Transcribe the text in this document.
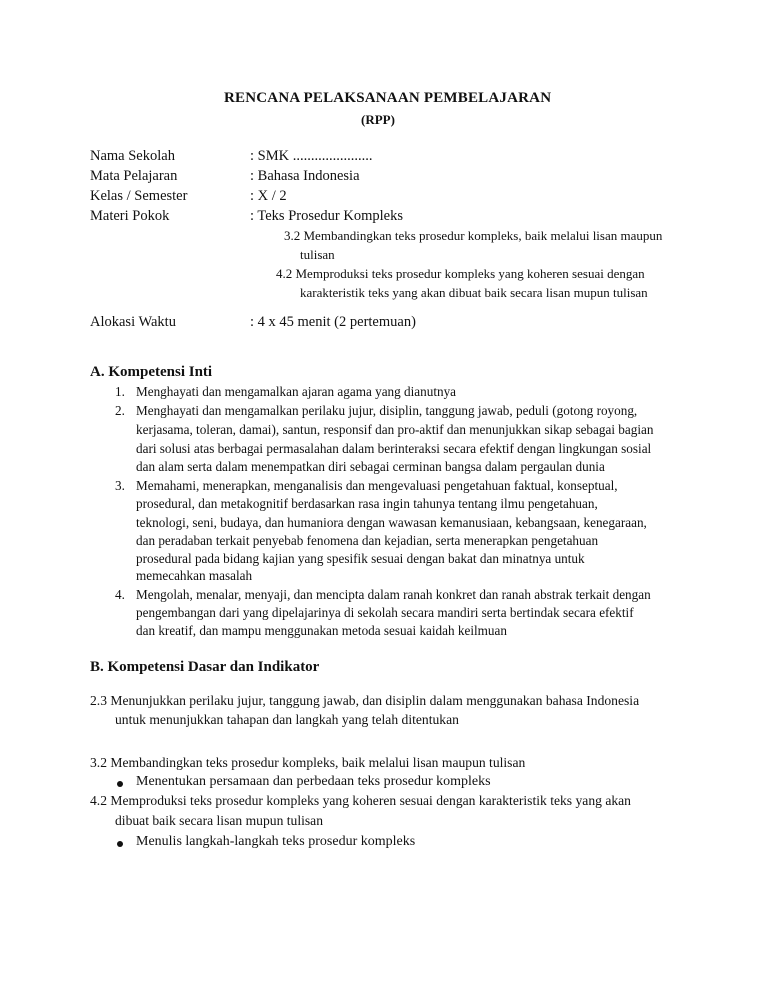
RENCANA PELAKSANAAN PEMBELAJARAN
(RPP)
Nama Sekolah	: SMK ......................
Mata Pelajaran	: Bahasa Indonesia
Kelas / Semester	: X / 2
Materi Pokok	: Teks Prosedur Kompleks
3.2 Membandingkan teks prosedur kompleks, baik melalui lisan maupun
tulisan
4.2 Memproduksi teks prosedur kompleks yang koheren sesuai dengan
karakteristik teks yang akan dibuat baik secara lisan mupun tulisan
Alokasi Waktu	: 4 x 45 menit (2 pertemuan)
A. Kompetensi Inti
1. Menghayati dan mengamalkan ajaran agama yang dianutnya
2. Menghayati dan mengamalkan perilaku jujur, disiplin, tanggung jawab, peduli (gotong royong,
kerjasama, toleran, damai), santun, responsif dan pro-aktif dan menunjukkan sikap sebagai bagian
dari solusi atas berbagai permasalahan dalam berinteraksi secara efektif dengan lingkungan sosial
dan alam serta dalam menempatkan diri sebagai cerminan bangsa dalam pergaulan dunia
3. Memahami, menerapkan, menganalisis dan mengevaluasi pengetahuan faktual, konseptual,
prosedural, dan metakognitif berdasarkan rasa ingin tahunya tentang ilmu pengetahuan,
teknologi, seni, budaya, dan humaniora dengan wawasan kemanusiaan, kebangsaan, kenegaraan,
dan peradaban terkait penyebab fenomena dan kejadian, serta menerapkan pengetahuan
prosedural pada bidang kajian yang spesifik sesuai dengan bakat dan minatnya untuk
memecahkan masalah
4. Mengolah, menalar, menyaji, dan mencipta dalam ranah konkret dan ranah abstrak terkait dengan
pengembangan dari yang dipelajarinya di sekolah secara mandiri serta bertindak secara efektif
dan kreatif, dan mampu menggunakan metoda sesuai kaidah keilmuan
B. Kompetensi Dasar dan Indikator
2.3 Menunjukkan perilaku jujur, tanggung jawab, dan disiplin dalam menggunakan bahasa Indonesia
untuk menunjukkan tahapan dan langkah yang telah ditentukan
3.2 Membandingkan teks prosedur kompleks, baik melalui lisan maupun tulisan
Menentukan persamaan dan perbedaan teks prosedur kompleks
4.2 Memproduksi teks prosedur kompleks yang koheren sesuai dengan karakteristik teks yang akan
dibuat baik secara lisan mupun tulisan
Menulis langkah-langkah teks prosedur kompleks
